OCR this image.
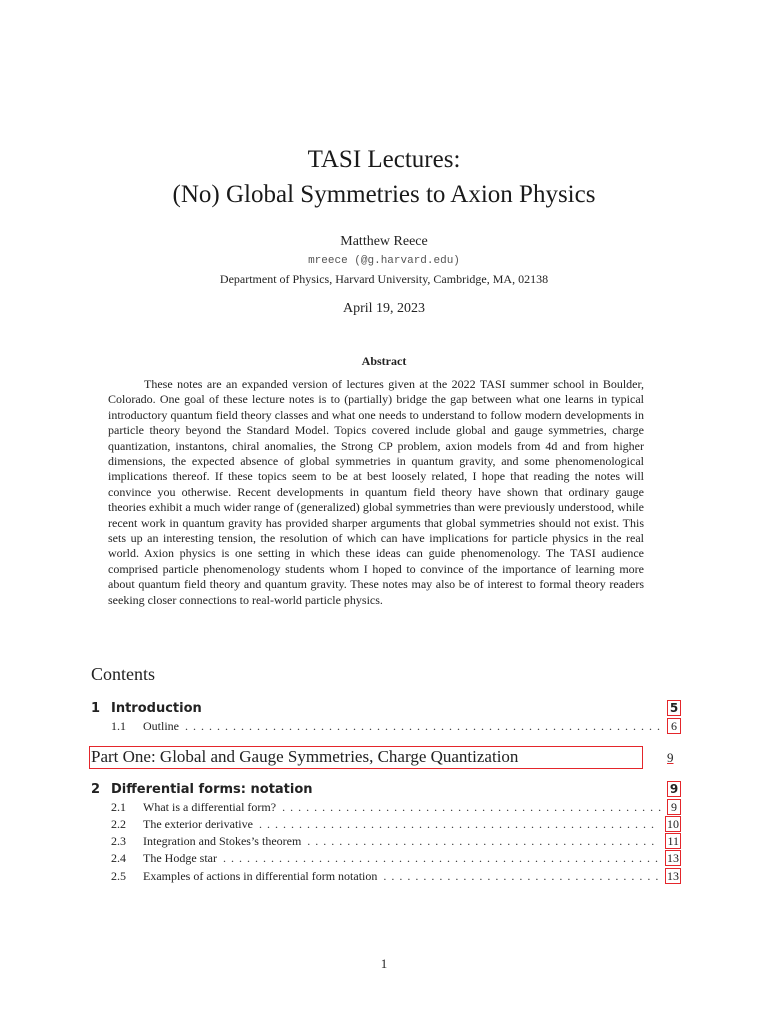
TASI Lectures:
(No) Global Symmetries to Axion Physics
Matthew Reece
mreece (@g.harvard.edu)
Department of Physics, Harvard University, Cambridge, MA, 02138
April 19, 2023
Abstract

These notes are an expanded version of lectures given at the 2022 TASI summer school in Boulder, Colorado. One goal of these lecture notes is to (partially) bridge the gap between what one learns in typical introductory quantum field theory classes and what one needs to understand to follow modern developments in particle theory beyond the Standard Model. Topics covered include global and gauge symmetries, charge quantization, instantons, chiral anomalies, the Strong CP problem, axion models from 4d and from higher dimensions, the expected absence of global symmetries in quantum gravity, and some phenomenological implications thereof. If these topics seem to be at best loosely related, I hope that reading the notes will convince you otherwise. Recent developments in quantum field theory have shown that ordinary gauge theories exhibit a much wider range of (generalized) global symmetries than were previously understood, while recent work in quantum gravity has provided sharper arguments that global symmetries should not exist. This sets up an interesting tension, the resolution of which can have implications for particle physics in the real world. Axion physics is one setting in which these ideas can guide phenomenology. The TASI audience comprised particle phenomenology students whom I hoped to convince of the importance of learning more about quantum field theory and quantum gravity. These notes may also be of interest to formal theory readers seeking closer connections to real-world particle physics.

Contents
1 Introduction	5
1.1	Outline . . .	6
Part One: Global and Gauge Symmetries, Charge Quantization	9
2 Differential forms: notation	9
2.1	What is a differential form? . . .	9
2.2	The exterior derivative . . .	10
2.3	Integration and Stokes’s theorem . . .	11
2.4	The Hodge star . . .	13
2.5	Examples of actions in differential form notation . . .	13
1
